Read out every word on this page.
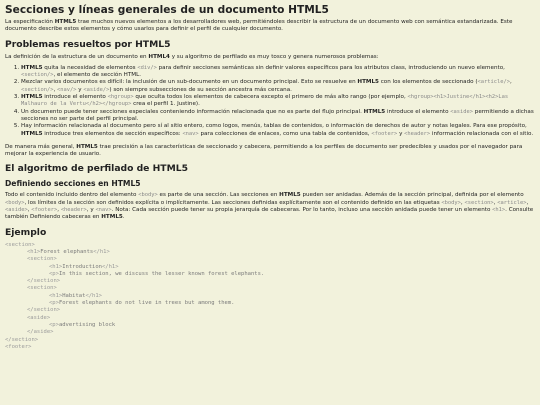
Secciones y líneas generales de un documento HTML5

La especificación HTML5 trae muchos nuevos elementos a los desarrolladores web, permitiéndoles describir la estructura de un documento web con semántica estandarizada. Este documento describe estos elementos y cómo usarlos para definir el perfil de cualquier documento.

Problemas resueltos por HTML5

La definición de la estructura de un documento en HTML4 y su algoritmo de perfilado es muy tosco y genera numerosos problemas:

1. HTML5 quita la necesidad de elementos <div/> para definir secciones semánticas sin definir valores específicos para los atributos class, introduciendo un nuevo elemento, <section/>, el elemento de sección HTML.
2. Mezclar varios documentos es difícil: la inclusión de un sub-documento en un documento principal. Esto se resuelve en HTML5 con los elementos de seccionado (<article/>, <section/>, <nav/> y <aside/>) son siempre subsecciones de su sección ancestra más cercana.
3. HTML5 introduce el elemento <hgroup> que oculta todos los elementos de cabecera excepto el primero de más alto rango (por ejemplo, <hgroup><h1>Justine</h1><h2>Las Malhauro de la Vertu</h2></hgroup> crea el perfil 1. Justine).
4. Un documento puede tener secciones especiales conteniendo información relacionada que no es parte del flujo principal. HTML5 introduce el elemento <aside> permitiendo a dichas secciones no ser parte del perfil principal.
5. Hay información relacionada al documento pero sí al sitio entero, como logos, menús, tablas de contenidos, o información de derechos de autor y notas legales. Para ese propósito, HTML5 introduce tres elementos de sección específicos: <nav> para colecciones de enlaces, como una tabla de contenidos, <footer> y <header> información relacionada con el sitio.

De manera más general, HTML5 trae precisión a las características de seccionado y cabecera, permitiendo a los perfiles de documento ser predecibles y usados por el navegador para mejorar la experiencia de usuario.

El algoritmo de perfilado de HTML5
Definiendo secciones en HTML5

Todo el contenido incluido dentro del elemento <body> es parte de una sección. Las secciones en HTML5 pueden ser anidadas. Además de la sección principal, definida por el elemento <body>, los límites de la sección son definidos explícita o implícitamente. Las secciones definidas explícitamente son el contenido definido en las etiquetas <body>, <section>, <article>, <aside>, <footer>, <header>, y <nav>. Nota: Cada sección puede tener su propia jerarquía de cabeceras. Por lo tanto, incluso una sección anidada puede tener un elemento <h1>. Consulte también Definiendo cabeceras en HTML5.

Ejemplo
<section>
<h1>Forest elephants</h1>
<section>
<h1>Introduction</h1>
<p>In this section, we discuss the lesser known forest elephants.
</section>
<section>
<h1>Habitat</h1>
<p>Forest elephants do not live in trees but among them.
</section>
<aside>
<p>advertising block
</aside>
</section>
<footer>
